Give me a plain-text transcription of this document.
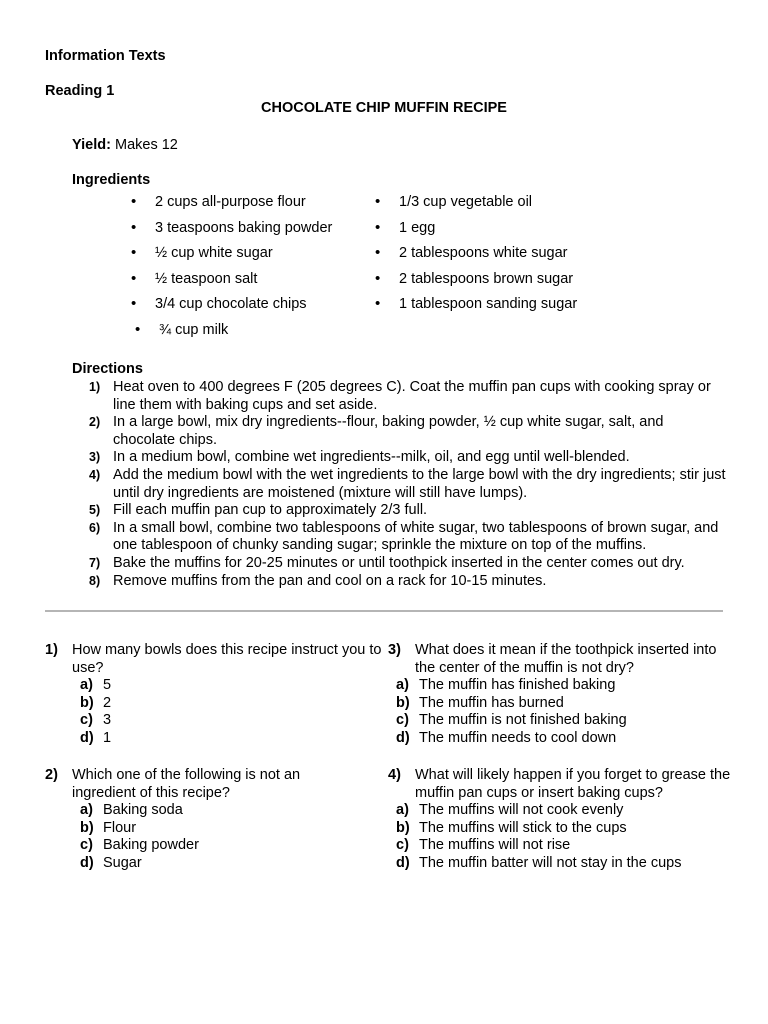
Information Texts
Reading 1
CHOCOLATE CHIP MUFFIN RECIPE
Yield: Makes 12
Ingredients
• 2 cups all-purpose flour
• 3 teaspoons baking powder
• ½ cup white sugar
• ½ teaspoon salt
• 3/4 cup chocolate chips
• ¾ cup milk
• 1/3 cup vegetable oil
• 1 egg
• 2 tablespoons white sugar
• 2 tablespoons brown sugar
• 1 tablespoon sanding sugar
Directions
1) Heat oven to 400 degrees F (205 degrees C). Coat the muffin pan cups with cooking spray or line them with baking cups and set aside.
2) In a large bowl, mix dry ingredients--flour, baking powder, ½ cup white sugar, salt, and chocolate chips.
3) In a medium bowl, combine wet ingredients--milk, oil, and egg until well-blended.
4) Add the medium bowl with the wet ingredients to the large bowl with the dry ingredients; stir just until dry ingredients are moistened (mixture will still have lumps).
5) Fill each muffin pan cup to approximately 2/3 full.
6) In a small bowl, combine two tablespoons of white sugar, two tablespoons of brown sugar, and one tablespoon of chunky sanding sugar; sprinkle the mixture on top of the muffins.
7) Bake the muffins for 20-25 minutes or until toothpick inserted in the center comes out dry.
8) Remove muffins from the pan and cool on a rack for 10-15 minutes.
1) How many bowls does this recipe instruct you to use?
a) 5
b) 2
c) 3
d) 1
2) Which one of the following is not an ingredient of this recipe?
a) Baking soda
b) Flour
c) Baking powder
d) Sugar
3) What does it mean if the toothpick inserted into the center of the muffin is not dry?
a) The muffin has finished baking
b) The muffin has burned
c) The muffin is not finished baking
d) The muffin needs to cool down
4) What will likely happen if you forget to grease the muffin pan cups or insert baking cups?
a) The muffins will not cook evenly
b) The muffins will stick to the cups
c) The muffins will not rise
d) The muffin batter will not stay in the cups
